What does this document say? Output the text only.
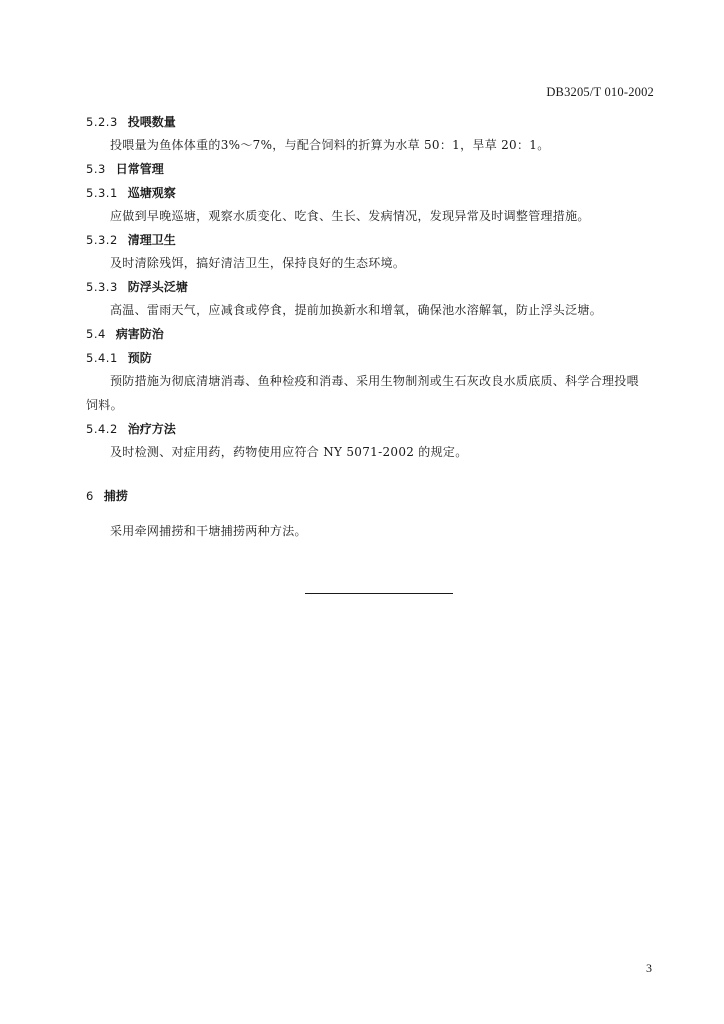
DB3205/T 010-2002
5.2.3 投喂数量
投喂量为鱼体体重的3%～7%，与配合饲料的折算为水草 50：1，旱草 20：1。
5.3 日常管理
5.3.1 巡塘观察
应做到早晚巡塘，观察水质变化、吃食、生长、发病情况，发现异常及时调整管理措施。
5.3.2 清理卫生
及时清除残饵，搞好清洁卫生，保持良好的生态环境。
5.3.3 防浮头泛塘
高温、雷雨天气，应减食或停食，提前加换新水和增氧，确保池水溶解氧，防止浮头泛塘。
5.4 病害防治
5.4.1 预防
预防措施为彻底清塘消毒、鱼种检疫和消毒、采用生物制剂或生石灰改良水质底质、科学合理投喂
饲料。
5.4.2 治疗方法
及时检测、对症用药，药物使用应符合 NY 5071-2002 的规定。
6 捕捞
采用牵网捕捞和干塘捕捞两种方法。
3
